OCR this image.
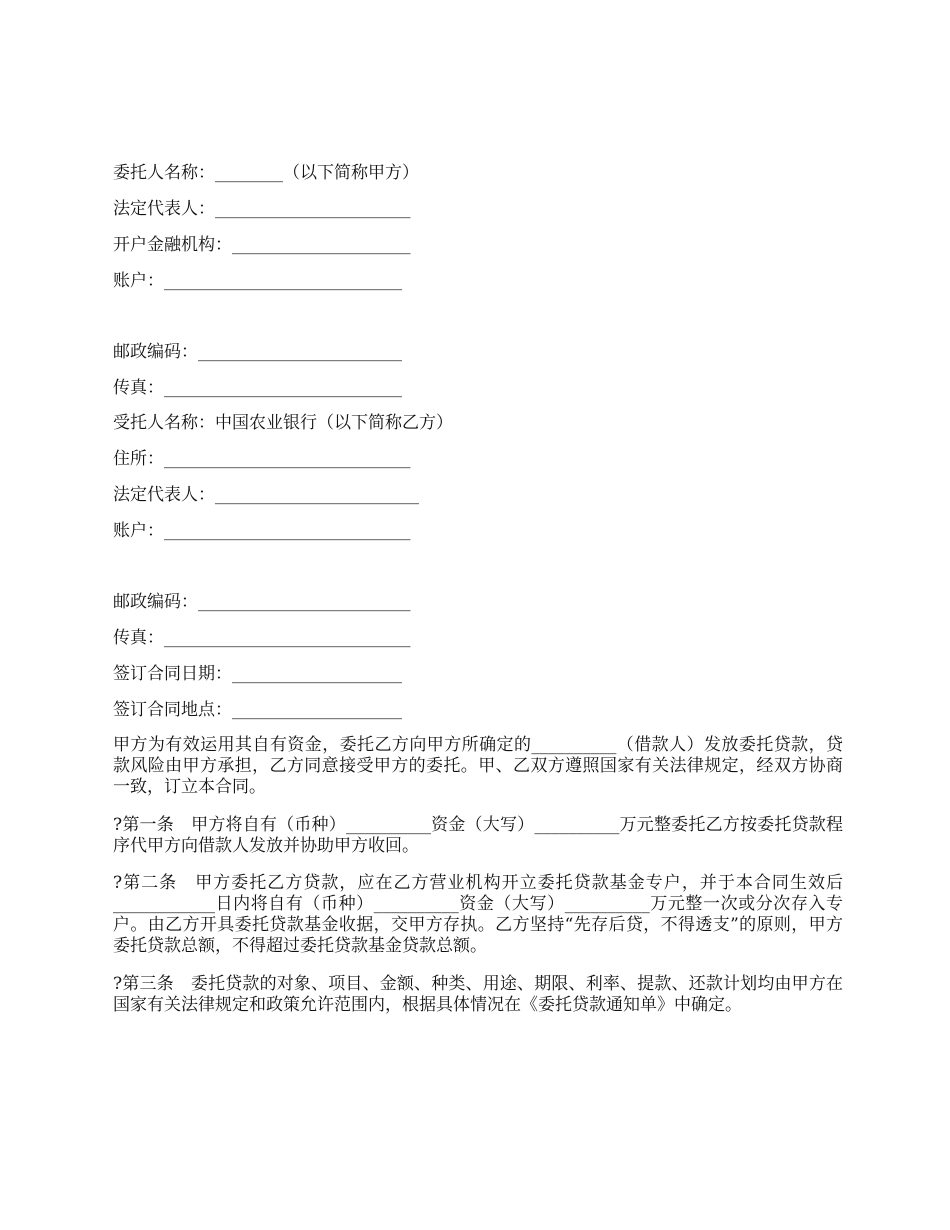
委托人名称：________（以下简称甲方）
法定代表人：_______________________
开户金融机构：_____________________
账户：____________________________
邮政编码：________________________
传真：____________________________
受托人名称：中国农业银行（以下简称乙方）
住所：_____________________________
法定代表人：________________________
账户：_____________________________
邮政编码：_________________________
传真：_____________________________
签订合同日期：____________________
签订合同地点：____________________
甲方为有效运用其自有资金，委托乙方向甲方所确定的__________（借款人）发放委托贷款，贷款风险由甲方承担，乙方同意接受甲方的委托。甲、乙双方遵照国家有关法律规定，经双方协商一致，订立本合同。
?第一条　甲方将自有（币种）__________资金（大写）__________万元整委托乙方按委托贷款程序代甲方向借款人发放并协助甲方收回。
?第二条　甲方委托乙方贷款，应在乙方营业机构开立委托贷款基金专户，并于本合同生效后____________日内将自有（币种）__________资金（大写）__________万元整一次或分次存入专户。由乙方开具委托贷款基金收据，交甲方存执。乙方坚持“先存后贷，不得透支”的原则，甲方委托贷款总额，不得超过委托贷款基金贷款总额。
?第三条　委托贷款的对象、项目、金额、种类、用途、期限、利率、提款、还款计划均由甲方在国家有关法律规定和政策允许范围内，根据具体情况在《委托贷款通知单》中确定。
